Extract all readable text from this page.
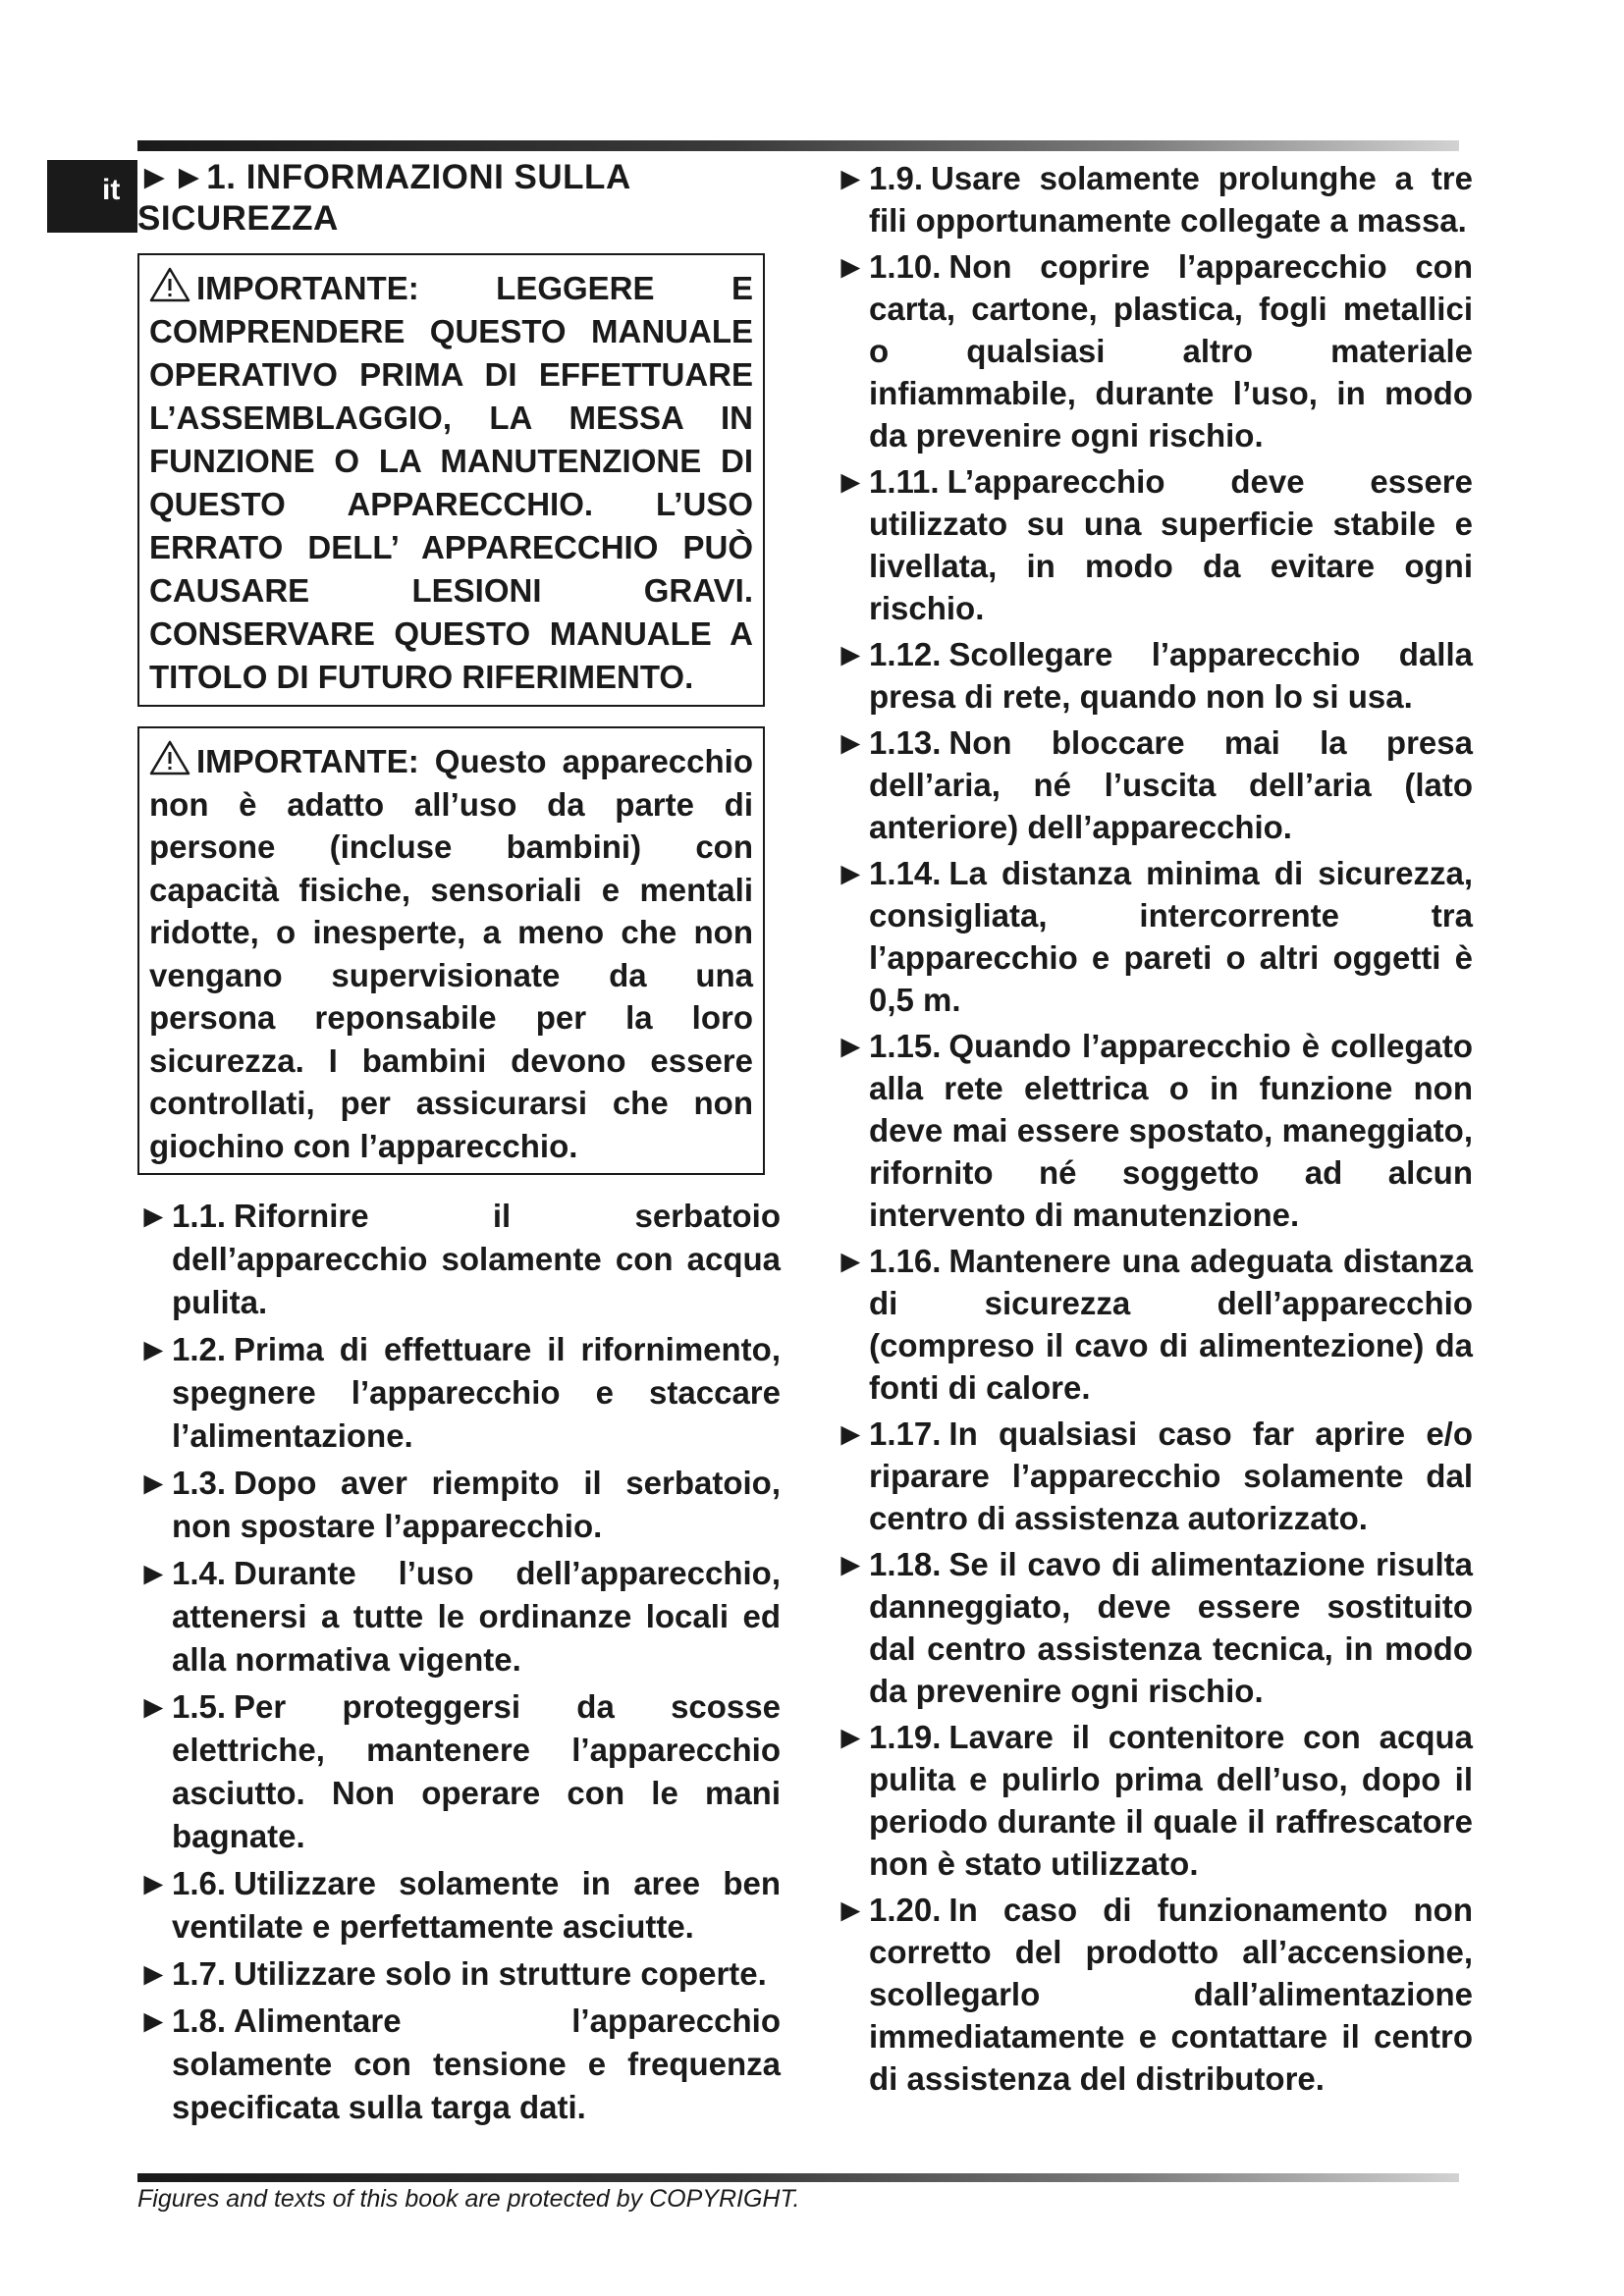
it ►►1. INFORMAZIONI SULLA SICUREZZA
IMPORTANTE: LEGGERE E COMPRENDERE QUESTO MANUALE OPERATIVO PRIMA DI EFFETTUARE L’ASSEMBLAGGIO, LA MESSA IN FUNZIONE O LA MANUTENZIONE DI QUESTO APPARECCHIO. L’USO ERRATO DELL’ APPARECCHIO PUÒ CAUSARE LESIONI GRAVI. CONSERVARE QUESTO MANUALE A TITOLO DI FUTURO RIFERIMENTO.
IMPORTANTE: Questo apparecchio non è adatto all’uso da parte di persone (incluse bambini) con capacità fisiche, sensoriali e mentali ridotte, o inesperte, a meno che non vengano supervisionate da una persona reponsabile per la loro sicurezza. I bambini devono essere controllati, per assicurarsi che non giochino con l’apparecchio.
► 1.1. Rifornire il serbatoio dell’apparecchio solamente con acqua pulita.
► 1.2. Prima di effettuare il rifornimento, spegnere l’apparecchio e staccare l’alimentazione.
► 1.3. Dopo aver riempito il serbatoio, non spostare l’apparecchio.
► 1.4. Durante l’uso dell’apparecchio, attenersi a tutte le ordinanze locali ed alla normativa vigente.
► 1.5. Per proteggersi da scosse elettriche, mantenere l’apparecchio asciutto. Non operare con le mani bagnate.
► 1.6. Utilizzare solamente in aree ben ventilate e perfettamente asciutte.
► 1.7. Utilizzare solo in strutture coperte.
► 1.8. Alimentare l’apparecchio solamente con tensione e frequenza specificata sulla targa dati.
► 1.9. Usare solamente prolunghe a tre fili opportunamente collegate a massa.
► 1.10. Non coprire l’apparecchio con carta, cartone, plastica, fogli metallici o qualsiasi altro materiale infiammabile, durante l’uso, in modo da prevenire ogni rischio.
► 1.11. L’apparecchio deve essere utilizzato su una superficie stabile e livellata, in modo da evitare ogni rischio.
► 1.12. Scollegare l’apparecchio dalla presa di rete, quando non lo si usa.
► 1.13. Non bloccare mai la presa dell’aria, né l’uscita dell’aria (lato anteriore) dell’apparecchio.
► 1.14. La distanza minima di sicurezza, consigliata, intercorrente tra l’apparecchio e pareti o altri oggetti è 0,5 m.
► 1.15. Quando l’apparecchio è collegato alla rete elettrica o in funzione non deve mai essere spostato, maneggiato, rifornito né soggetto ad alcun intervento di manutenzione.
► 1.16. Mantenere una adeguata distanza di sicurezza dell’apparecchio (compreso il cavo di alimentezione) da fonti di calore.
► 1.17. In qualsiasi caso far aprire e/o riparare l’apparecchio solamente dal centro di assistenza autorizzato.
► 1.18. Se il cavo di alimentazione risulta danneggiato, deve essere sostituito dal centro assistenza tecnica, in modo da prevenire ogni rischio.
► 1.19. Lavare il contenitore con acqua pulita e pulirlo prima dell’uso, dopo il periodo durante il quale il raffrescatore non è stato utilizzato.
► 1.20. In caso di funzionamento non corretto del prodotto all’accensione, scollegarlo dall’alimentazione immediatamente e contattare il centro di assistenza del distributore.
Figures and texts of this book are protected by COPYRIGHT.
